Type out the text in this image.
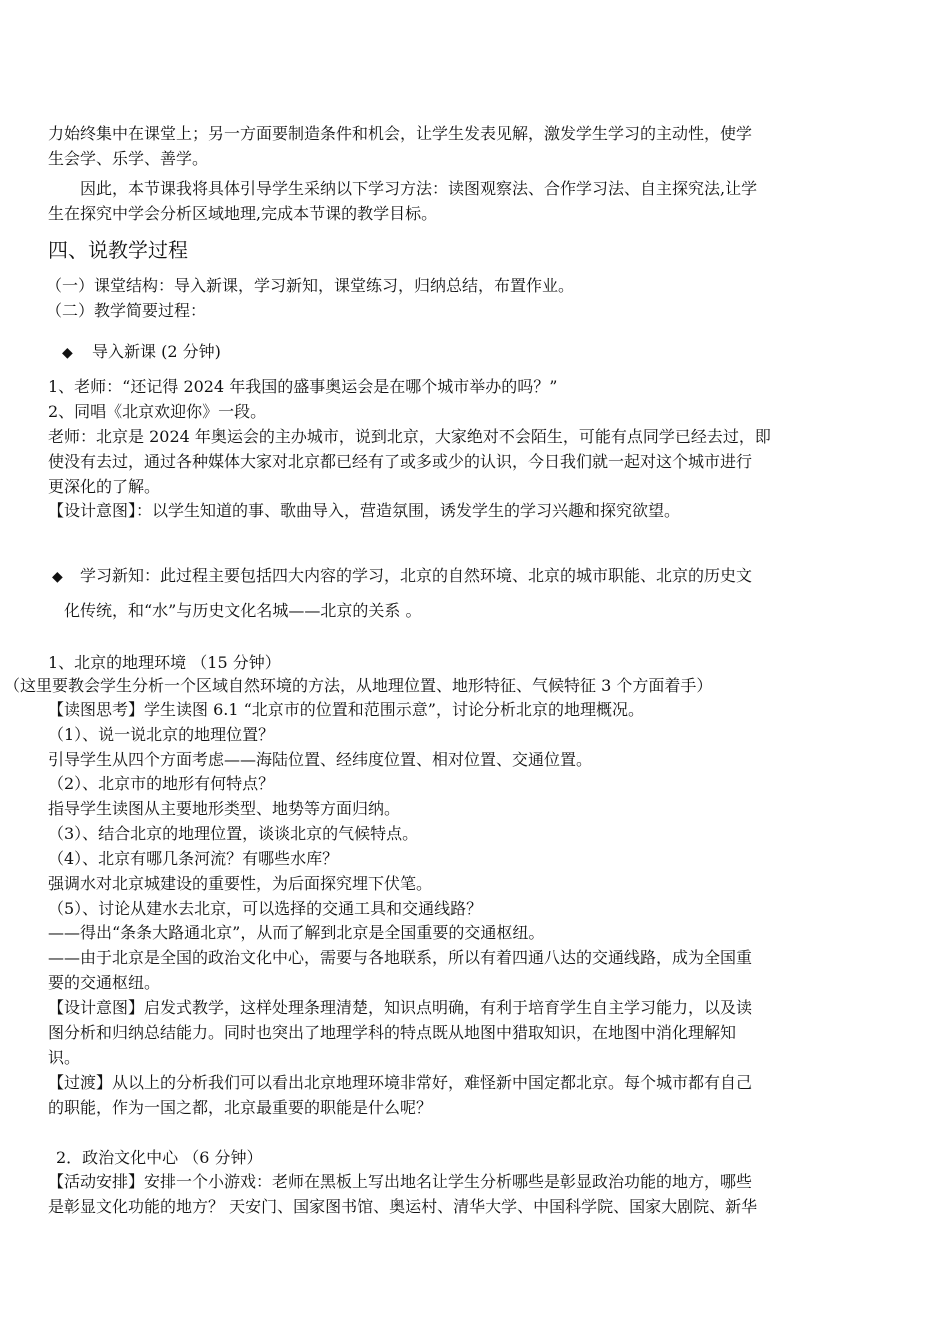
力始终集中在课堂上；另一方面要制造条件和机会，让学生发表见解，激发学生学习的主动性，使学
生会学、乐学、善学。
因此，本节课我将具体引导学生采纳以下学习方法：读图观察法、合作学习法、自主探究法,让学
生在探究中学会分析区域地理,完成本节课的教学目标。
四、说教学过程
（一）课堂结构：导入新课，学习新知，课堂练习，归纳总结，布置作业。
（二）教学简要过程：
◆ 导入新课 (2 分钟)
1、老师：“还记得 2024 年我国的盛事奥运会是在哪个城市举办的吗？”
2、同唱《北京欢迎你》一段。
老师：北京是 2024 年奥运会的主办城市，说到北京，大家绝对不会陌生，可能有点同学已经去过，即
使没有去过，通过各种媒体大家对北京都已经有了或多或少的认识，今日我们就一起对这个城市进行
更深化的了解。
【设计意图】：以学生知道的事、歌曲导入，营造氛围，诱发学生的学习兴趣和探究欲望。
◆ 学习新知：此过程主要包括四大内容的学习，北京的自然环境、北京的城市职能、北京的历史文
化传统，和“水”与历史文化名城——北京的关系 。
1、北京的地理环境 （15 分钟）
（这里要教会学生分析一个区域自然环境的方法，从地理位置、地形特征、气候特征 3 个方面着手）
【读图思考】学生读图 6.1 “北京市的位置和范围示意”，讨论分析北京的地理概况。
（1）、说一说北京的地理位置？
引导学生从四个方面考虑——海陆位置、经纬度位置、相对位置、交通位置。
（2）、北京市的地形有何特点？
指导学生读图从主要地形类型、地势等方面归纳。
（3）、结合北京的地理位置，谈谈北京的气候特点。
（4）、北京有哪几条河流？有哪些水库？
强调水对北京城建设的重要性，为后面探究埋下伏笔。
（5）、讨论从建水去北京，可以选择的交通工具和交通线路？
——得出“条条大路通北京”，从而了解到北京是全国重要的交通枢纽。
——由于北京是全国的政治文化中心，需要与各地联系，所以有着四通八达的交通线路，成为全国重
要的交通枢纽。
【设计意图】启发式教学，这样处理条理清楚，知识点明确，有利于培育学生自主学习能力，以及读
图分析和归纳总结能力。同时也突出了地理学科的特点既从地图中猎取知识，在地图中消化理解知
识。
【过渡】从以上的分析我们可以看出北京地理环境非常好，难怪新中国定都北京。每个城市都有自己
的职能，作为一国之都，北京最重要的职能是什么呢？
2．政治文化中心 （6 分钟）
【活动安排】安排一个小游戏：老师在黑板上写出地名让学生分析哪些是彰显政治功能的地方，哪些
是彰显文化功能的地方？ 天安门、国家图书馆、奥运村、清华大学、中国科学院、国家大剧院、新华
